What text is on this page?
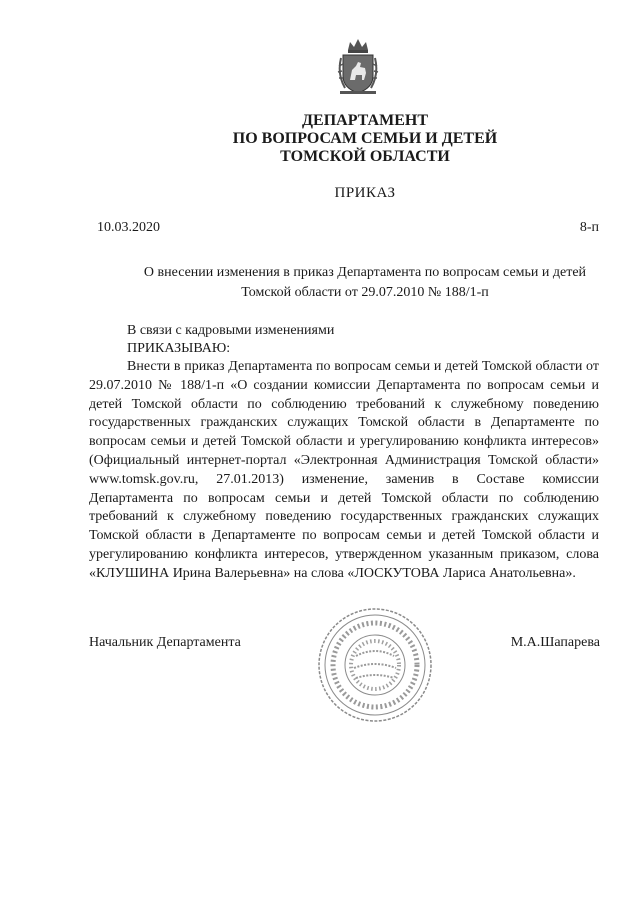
ДЕПАРТАМЕНТ
ПО ВОПРОСАМ СЕМЬИ И ДЕТЕЙ
ТОМСКОЙ ОБЛАСТИ
ПРИКАЗ
10.03.2020	8-п
О внесении изменения в приказ Департамента по вопросам семьи и детей
Томской области от 29.07.2010 № 188/1-п
В связи с кадровыми изменениями
ПРИКАЗЫВАЮ:

Внести в приказ Департамента по вопросам семьи и детей Томской области от 29.07.2010 № 188/1-п «О создании комиссии Департамента по вопросам семьи и детей Томской области по соблюдению требований к служебному поведению государственных гражданских служащих Томской области в Департаменте по вопросам семьи и детей Томской области и урегулированию конфликта интересов» (Официальный интернет-портал «Электронная Администрация Томской области» www.tomsk.gov.ru, 27.01.2013) изменение, заменив в Составе комиссии Департамента по вопросам семьи и детей Томской области по соблюдению требований к служебному поведению государственных гражданских служащих Томской области в Департаменте по вопросам семьи и детей Томской области и урегулированию конфликта интересов, утвержденном указанным приказом, слова «КЛУШИНА Ирина Валерьевна» на слова «ЛОСКУТОВА Лариса Анатольевна».

Начальник Департамента	М.А.Шапарева
